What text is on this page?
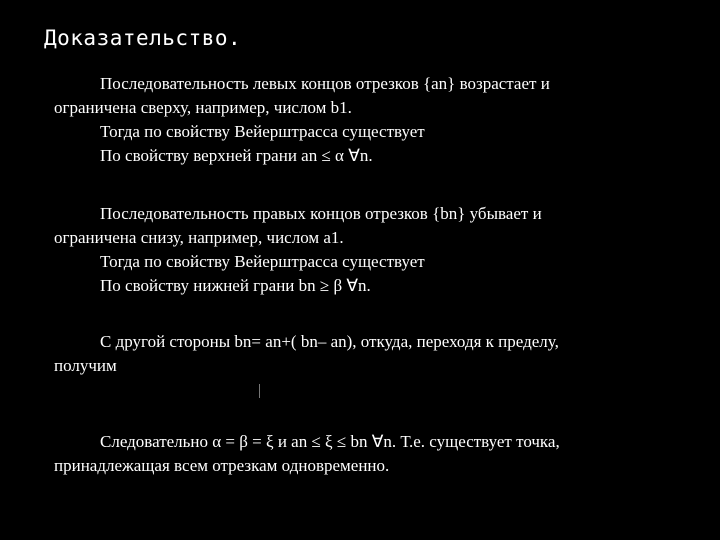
Доказательство.
Последовательность левых концов отрезков {an} возрастает и
ограничена сверху, например, числом b1.
Тогда по свойству Вейерштрасса существует
По свойству верхней грани an ≤ α ∀n.
Последовательность правых концов отрезков {bn} убывает и
ограничена снизу, например, числом a1.
Тогда по свойству Вейерштрасса существует
По свойству нижней грани bn ≥ β ∀n.
С другой стороны bn= an+( bn– an), откуда, переходя к пределу,
получим
Следовательно α = β = ξ и an ≤ ξ ≤ bn ∀n. Т.е. существует точка,
принадлежащая всем отрезкам одновременно.
